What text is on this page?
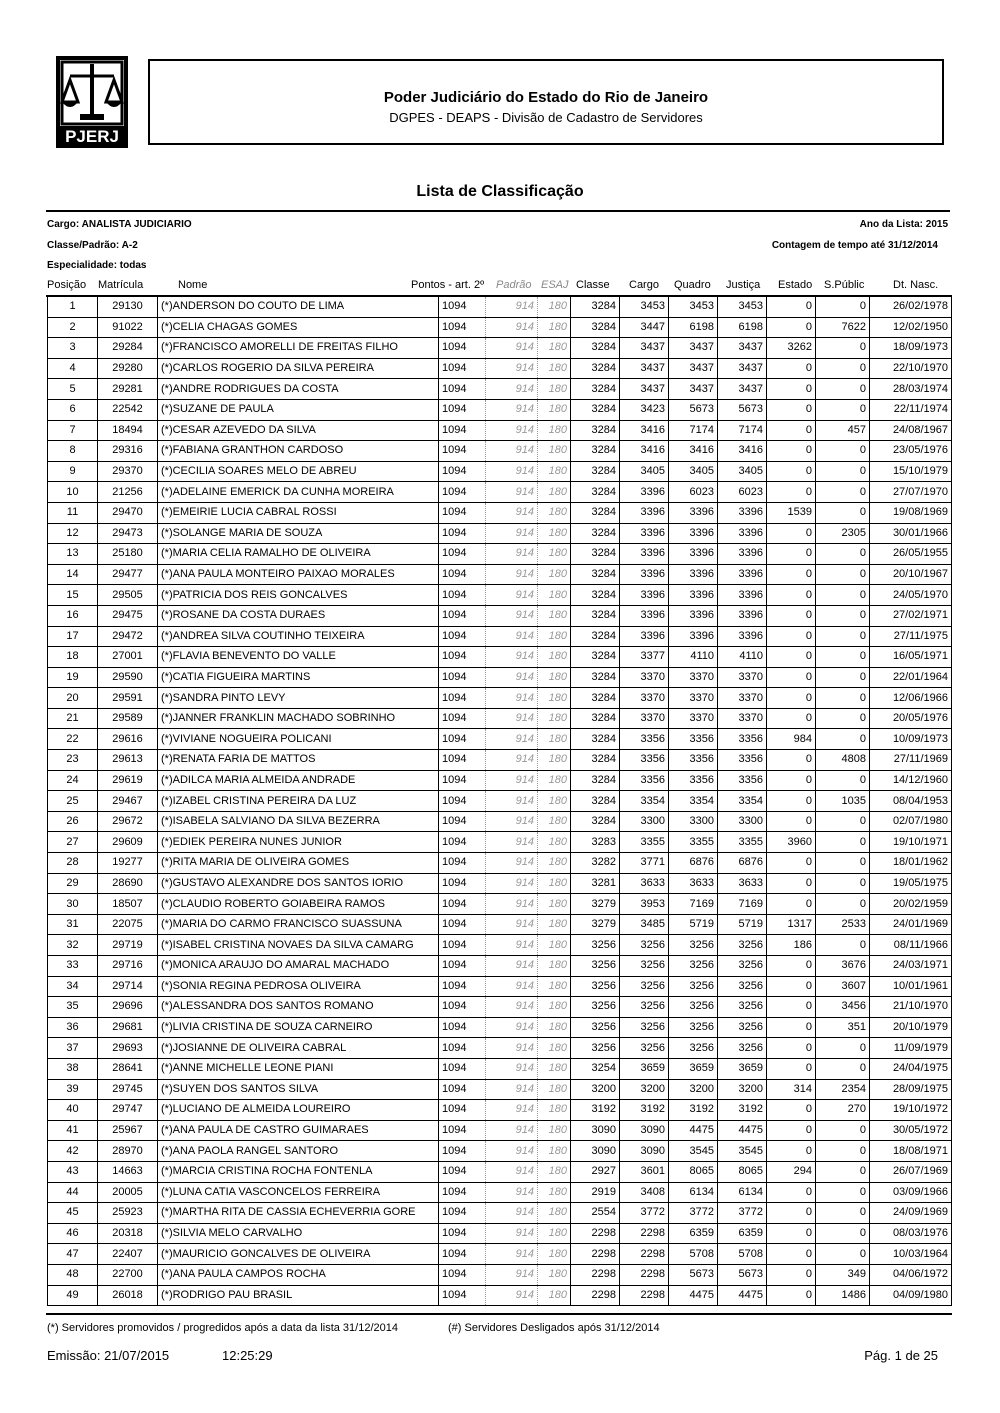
PJERJ
Poder Judiciário do Estado do Rio de Janeiro
DGPES - DEAPS - Divisão de Cadastro de Servidores
Lista de Classificação
Cargo: ANALISTA JUDICIARIO
Classe/Padrão: A-2
Especialidade: todas
Ano da Lista: 2015
Contagem de tempo até 31/12/2014
Posição Matrícula	Nome	Pontos - art. 2º Padrão ESAJ Classe Cargo Quadro Justiça Estado S.Públic	Dt. Nasc.
1	29130	(*)ANDERSON DO COUTO DE LIMA	1094	914	180	3284	3453	3453	3453	0	0	26/02/1978
2	91022	(*)CELIA CHAGAS GOMES	1094	914	180	3284	3447	6198	6198	0	7622	12/02/1950
3	29284	(*)FRANCISCO AMORELLI DE FREITAS FILHO	1094	914	180	3284	3437	3437	3437	3262	0	18/09/1973
4	29280	(*)CARLOS ROGERIO DA SILVA PEREIRA	1094	914	180	3284	3437	3437	3437	0	0	22/10/1970
5	29281	(*)ANDRE RODRIGUES DA COSTA	1094	914	180	3284	3437	3437	3437	0	0	28/03/1974
6	22542	(*)SUZANE DE PAULA	1094	914	180	3284	3423	5673	5673	0	0	22/11/1974
7	18494	(*)CESAR AZEVEDO DA SILVA	1094	914	180	3284	3416	7174	7174	0	457	24/08/1967
8	29316	(*)FABIANA GRANTHON CARDOSO	1094	914	180	3284	3416	3416	3416	0	0	23/05/1976
9	29370	(*)CECILIA SOARES MELO DE ABREU	1094	914	180	3284	3405	3405	3405	0	0	15/10/1979
10	21256	(*)ADELAINE EMERICK DA CUNHA MOREIRA	1094	914	180	3284	3396	6023	6023	0	0	27/07/1970
11	29470	(*)EMEIRIE LUCIA CABRAL ROSSI	1094	914	180	3284	3396	3396	3396	1539	0	19/08/1969
12	29473	(*)SOLANGE MARIA DE SOUZA	1094	914	180	3284	3396	3396	3396	0	2305	30/01/1966
13	25180	(*)MARIA CELIA RAMALHO DE OLIVEIRA	1094	914	180	3284	3396	3396	3396	0	0	26/05/1955
14	29477	(*)ANA PAULA MONTEIRO PAIXAO MORALES	1094	914	180	3284	3396	3396	3396	0	0	20/10/1967
15	29505	(*)PATRICIA DOS REIS GONCALVES	1094	914	180	3284	3396	3396	3396	0	0	24/05/1970
16	29475	(*)ROSANE DA COSTA DURAES	1094	914	180	3284	3396	3396	3396	0	0	27/02/1971
17	29472	(*)ANDREA SILVA COUTINHO TEIXEIRA	1094	914	180	3284	3396	3396	3396	0	0	27/11/1975
18	27001	(*)FLAVIA BENEVENTO DO VALLE	1094	914	180	3284	3377	4110	4110	0	0	16/05/1971
19	29590	(*)CATIA FIGUEIRA MARTINS	1094	914	180	3284	3370	3370	3370	0	0	22/01/1964
20	29591	(*)SANDRA PINTO LEVY	1094	914	180	3284	3370	3370	3370	0	0	12/06/1966
21	29589	(*)JANNER FRANKLIN MACHADO SOBRINHO	1094	914	180	3284	3370	3370	3370	0	0	20/05/1976
22	29616	(*)VIVIANE NOGUEIRA POLICANI	1094	914	180	3284	3356	3356	3356	984	0	10/09/1973
23	29613	(*)RENATA FARIA DE MATTOS	1094	914	180	3284	3356	3356	3356	0	4808	27/11/1969
24	29619	(*)ADILCA MARIA ALMEIDA ANDRADE	1094	914	180	3284	3356	3356	3356	0	0	14/12/1960
25	29467	(*)IZABEL CRISTINA PEREIRA DA LUZ	1094	914	180	3284	3354	3354	3354	0	1035	08/04/1953
26	29672	(*)ISABELA SALVIANO DA SILVA BEZERRA	1094	914	180	3284	3300	3300	3300	0	0	02/07/1980
27	29609	(*)EDIEK PEREIRA NUNES JUNIOR	1094	914	180	3283	3355	3355	3355	3960	0	19/10/1971
28	19277	(*)RITA MARIA DE OLIVEIRA GOMES	1094	914	180	3282	3771	6876	6876	0	0	18/01/1962
29	28690	(*)GUSTAVO ALEXANDRE DOS SANTOS IORIO	1094	914	180	3281	3633	3633	3633	0	0	19/05/1975
30	18507	(*)CLAUDIO ROBERTO GOIABEIRA RAMOS	1094	914	180	3279	3953	7169	7169	0	0	20/02/1959
31	22075	(*)MARIA DO CARMO FRANCISCO SUASSUNA	1094	914	180	3279	3485	5719	5719	1317	2533	24/01/1969
32	29719	(*)ISABEL CRISTINA NOVAES DA SILVA CAMARG	1094	914	180	3256	3256	3256	3256	186	0	08/11/1966
33	29716	(*)MONICA ARAUJO DO AMARAL MACHADO	1094	914	180	3256	3256	3256	3256	0	3676	24/03/1971
34	29714	(*)SONIA REGINA PEDROSA OLIVEIRA	1094	914	180	3256	3256	3256	3256	0	3607	10/01/1961
35	29696	(*)ALESSANDRA DOS SANTOS ROMANO	1094	914	180	3256	3256	3256	3256	0	3456	21/10/1970
36	29681	(*)LIVIA CRISTINA DE SOUZA CARNEIRO	1094	914	180	3256	3256	3256	3256	0	351	20/10/1979
37	29693	(*)JOSIANNE DE OLIVEIRA CABRAL	1094	914	180	3256	3256	3256	3256	0	0	11/09/1979
38	28641	(*)ANNE MICHELLE LEONE PIANI	1094	914	180	3254	3659	3659	3659	0	0	24/04/1975
39	29745	(*)SUYEN DOS SANTOS SILVA	1094	914	180	3200	3200	3200	3200	314	2354	28/09/1975
40	29747	(*)LUCIANO DE ALMEIDA LOUREIRO	1094	914	180	3192	3192	3192	3192	0	270	19/10/1972
41	25967	(*)ANA PAULA DE CASTRO GUIMARAES	1094	914	180	3090	3090	4475	4475	0	0	30/05/1972
42	28970	(*)ANA PAOLA RANGEL SANTORO	1094	914	180	3090	3090	3545	3545	0	0	18/08/1971
43	14663	(*)MARCIA CRISTINA ROCHA FONTENLA	1094	914	180	2927	3601	8065	8065	294	0	26/07/1969
44	20005	(*)LUNA CATIA VASCONCELOS FERREIRA	1094	914	180	2919	3408	6134	6134	0	0	03/09/1966
45	25923	(*)MARTHA RITA DE CASSIA ECHEVERRIA GORE	1094	914	180	2554	3772	3772	3772	0	0	24/09/1969
46	20318	(*)SILVIA MELO CARVALHO	1094	914	180	2298	2298	6359	6359	0	0	08/03/1976
47	22407	(*)MAURICIO GONCALVES DE OLIVEIRA	1094	914	180	2298	2298	5708	5708	0	0	10/03/1964
48	22700	(*)ANA PAULA CAMPOS ROCHA	1094	914	180	2298	2298	5673	5673	0	349	04/06/1972
49	26018	(*)RODRIGO PAU BRASIL	1094	914	180	2298	2298	4475	4475	0	1486	04/09/1980
(*) Servidores promovidos / progredidos após a data da lista 31/12/2014	(#) Servidores Desligados após 31/12/2014
Emissão: 21/07/2015	12:25:29	Pág. 1 de 25
